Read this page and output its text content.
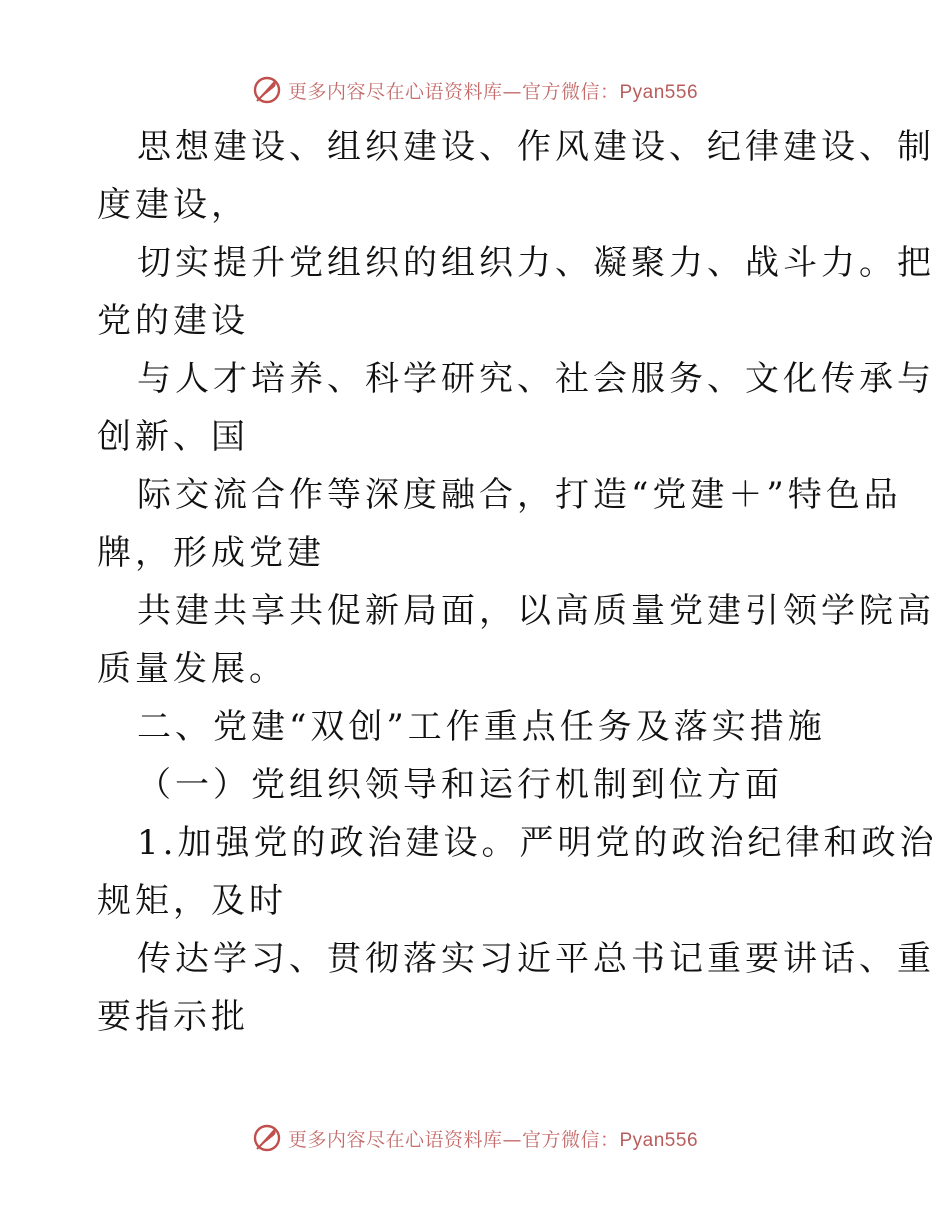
更多内容尽在心语资料库—官方微信：Pyan556
思想建设、组织建设、作风建设、纪律建设、制
度建设，
切实提升党组织的组织力、凝聚力、战斗力。把
党的建设
与人才培养、科学研究、社会服务、文化传承与
创新、国
际交流合作等深度融合，打造“党建＋”特色品
牌，形成党建
共建共享共促新局面，以高质量党建引领学院高
质量发展。
二、党建“双创”工作重点任务及落实措施
（一）党组织领导和运行机制到位方面
1.加强党的政治建设。严明党的政治纪律和政治
规矩，及时
传达学习、贯彻落实习近平总书记重要讲话、重
要指示批
更多内容尽在心语资料库—官方微信：Pyan556
